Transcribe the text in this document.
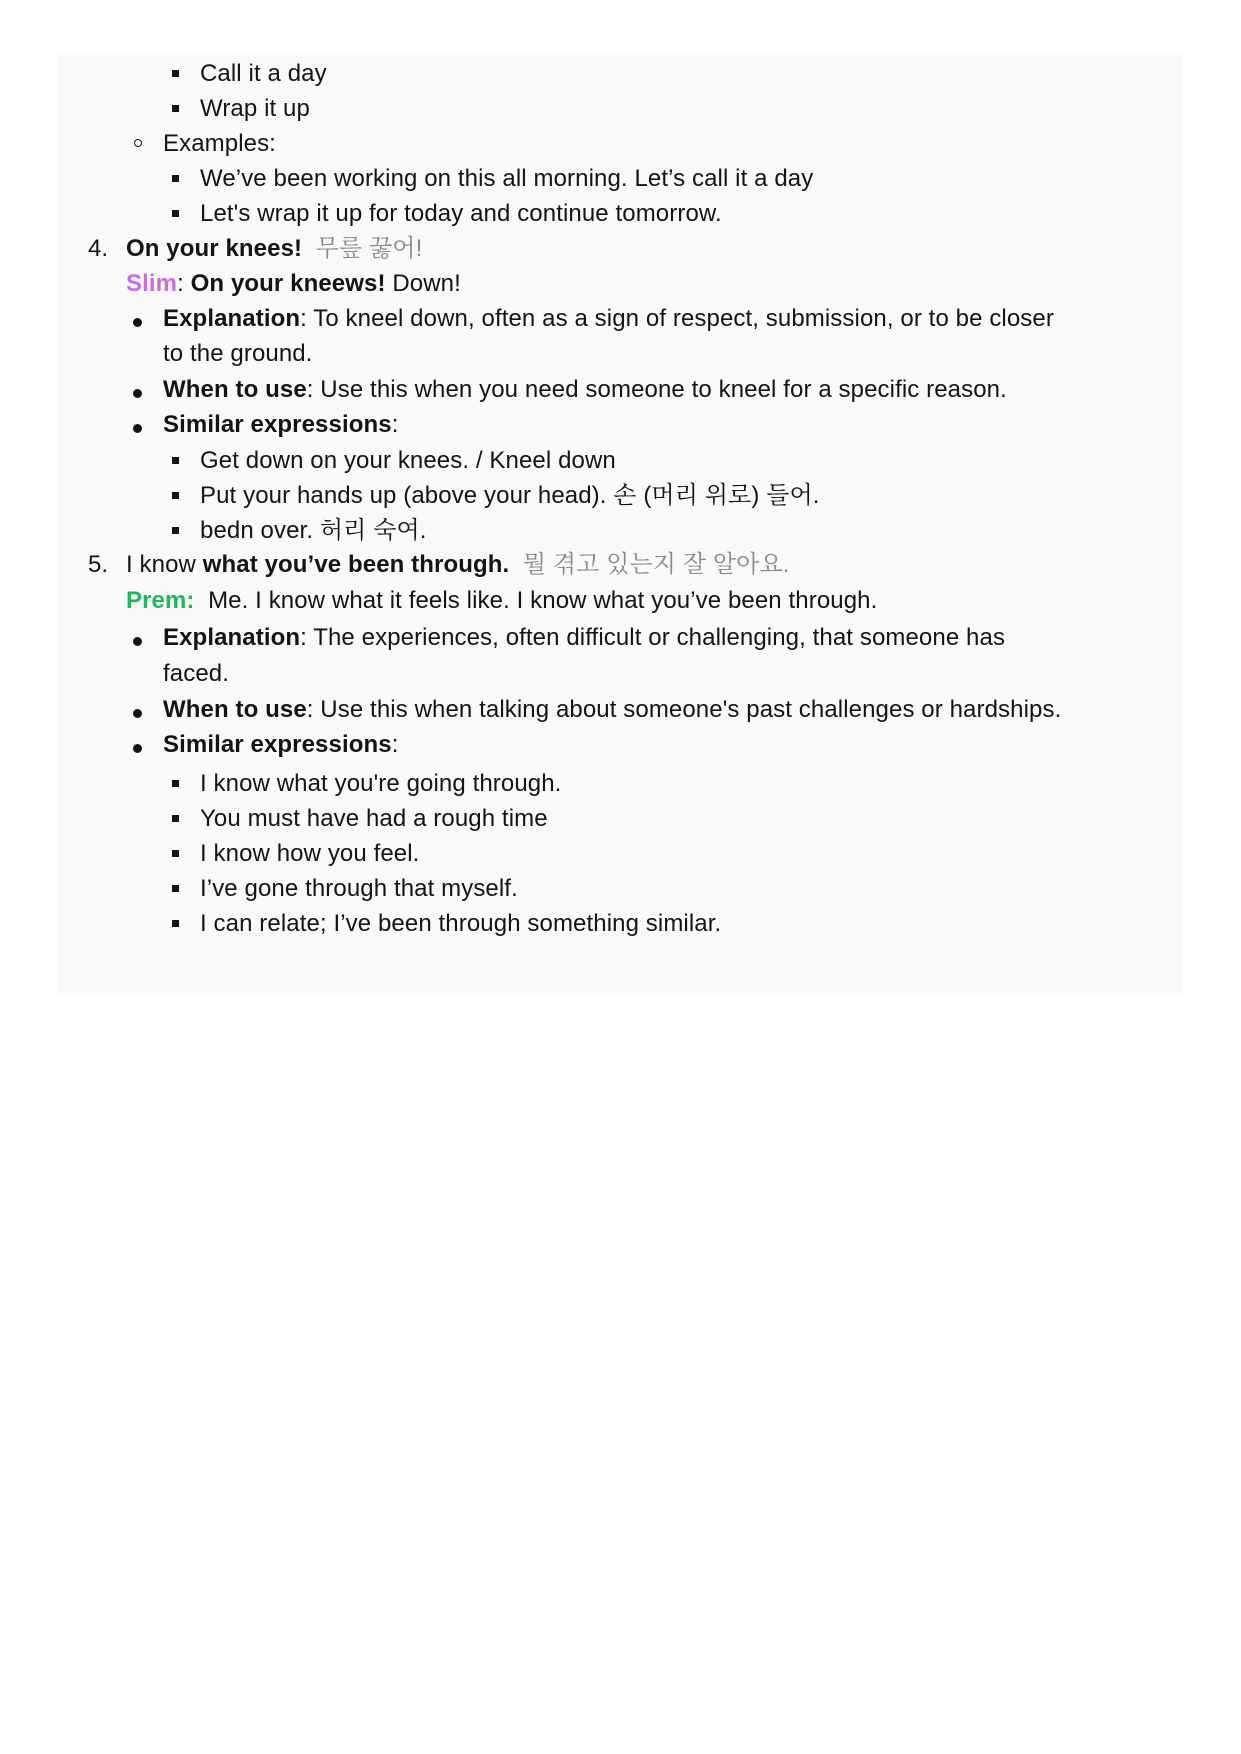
Call it a day
Wrap it up
Examples:
We’ve been working on this all morning. Let’s call it a day
Let's wrap it up for today and continue tomorrow.
4. On your knees! 무릎 꿇어!
Slim: On your kneews! Down!
Explanation: To kneel down, often as a sign of respect, submission, or to be closer
to the ground.
When to use: Use this when you need someone to kneel for a specific reason.
Similar expressions:
Get down on your knees. / Kneel down
Put your hands up (above your head). 손 (머리 위로) 들어.
bedn over. 허리 숙여.
5. I know what you’ve been through. 뭘 겪고 있는지 잘 알아요.
Prem: Me. I know what it feels like. I know what you’ve been through.
Explanation: The experiences, often difficult or challenging, that someone has
faced.
When to use: Use this when talking about someone's past challenges or hardships.
Similar expressions:
I know what you're going through.
You must have had a rough time
I know how you feel.
I’ve gone through that myself.
I can relate; I’ve been through something similar.
